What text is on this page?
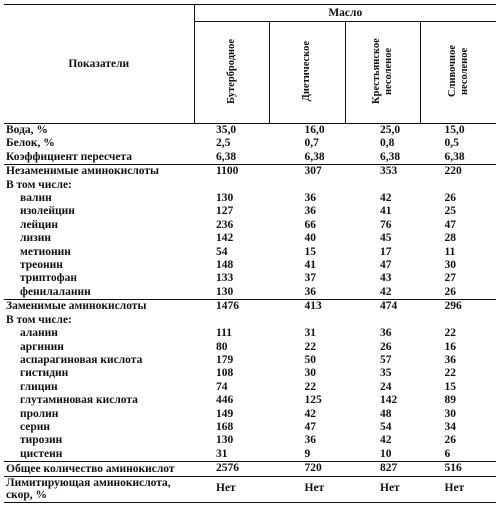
Показатели	Масло			
	Бутербродное	Диетическое	Крестьянское несоленое	Сливочное несоленое
Вода, %	35,0	16,0	25,0	15,0
Белок, %	2,5	0,7	0,8	0,5
Коэффициент пересчета	6,38	6,38	6,38	6,38
Незаменимые аминокислоты	1100	307	353	220
В том числе:				
валин	130	36	42	26
изолейцин	127	36	41	25
лейцин	236	66	76	47
лизин	142	40	45	28
метионин	54	15	17	11
треонин	148	41	47	30
триптофан	133	37	43	27
фенилаланин	130	36	42	26
Заменимые аминокислоты	1476	413	474	296
В том числе:				
аланин	111	31	36	22
аргинин	80	22	26	16
аспарагиновая кислота	179	50	57	36
гистидин	108	30	35	22
глицин	74	22	24	15
глутаминовая кислота	446	125	142	89
пролин	149	42	48	30
серин	168	47	54	34
тирозин	130	36	42	26
цистеин	31	9	10	6
Общее количество аминокислот	2576	720	827	516
Лимитирующая аминокислота, скор, %	Нет	Нет	Нет	Нет
